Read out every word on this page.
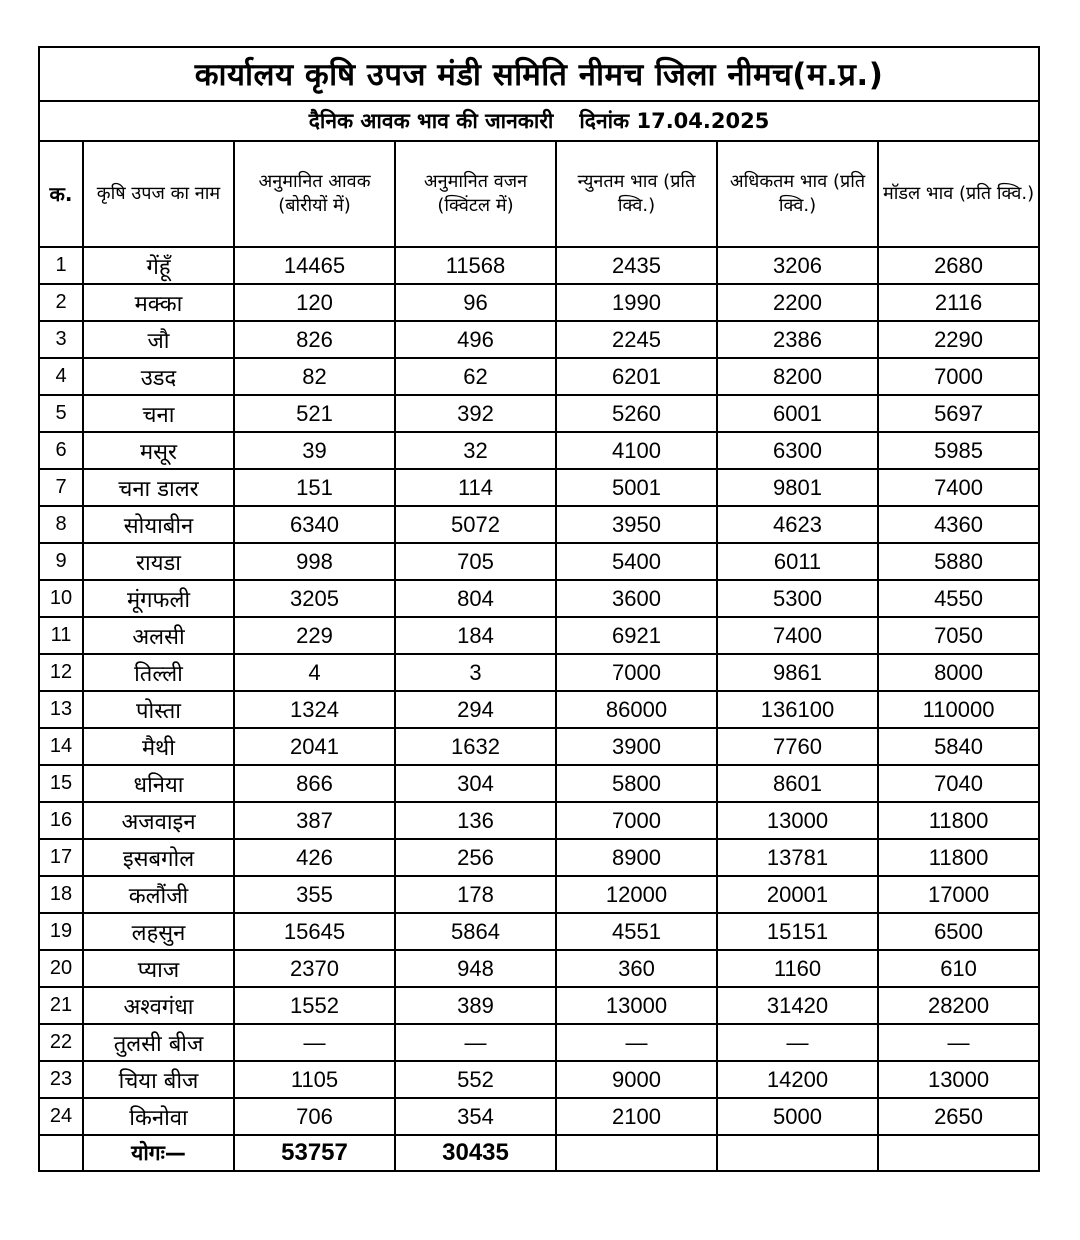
कार्यालय कृषि उपज मंडी समिति नीमच जिला नीमच(म.प्र.)						
दैनिक आवक भाव की जानकारी दिनांक 17.04.2025						
क.	कृषि उपज का नाम	अनुमानित आवक (बोरीयों में)	अनुमानित वजन (क्विंटल में)	न्युनतम भाव (प्रति क्वि.)	अधिकतम भाव (प्रति क्वि.)	मॉडल भाव (प्रति क्वि.)
1	गेंहूँ	14465	11568	2435	3206	2680
2	मक्का	120	96	1990	2200	2116
3	जौ	826	496	2245	2386	2290
4	उडद	82	62	6201	8200	7000
5	चना	521	392	5260	6001	5697
6	मसूर	39	32	4100	6300	5985
7	चना डालर	151	114	5001	9801	7400
8	सोयाबीन	6340	5072	3950	4623	4360
9	रायडा	998	705	5400	6011	5880
10	मूंगफली	3205	804	3600	5300	4550
11	अलसी	229	184	6921	7400	7050
12	तिल्ली	4	3	7000	9861	8000
13	पोस्ता	1324	294	86000	136100	110000
14	मैथी	2041	1632	3900	7760	5840
15	धनिया	866	304	5800	8601	7040
16	अजवाइन	387	136	7000	13000	11800
17	इसबगोल	426	256	8900	13781	11800
18	कलौंजी	355	178	12000	20001	17000
19	लहसुन	15645	5864	4551	15151	6500
20	प्याज	2370	948	360	1160	610
21	अश्वगंधा	1552	389	13000	31420	28200
22	तुलसी बीज	—	—	—	—	—
23	चिया बीज	1105	552	9000	14200	13000
24	किनोवा	706	354	2100	5000	2650
	योगः—	53757	30435			
